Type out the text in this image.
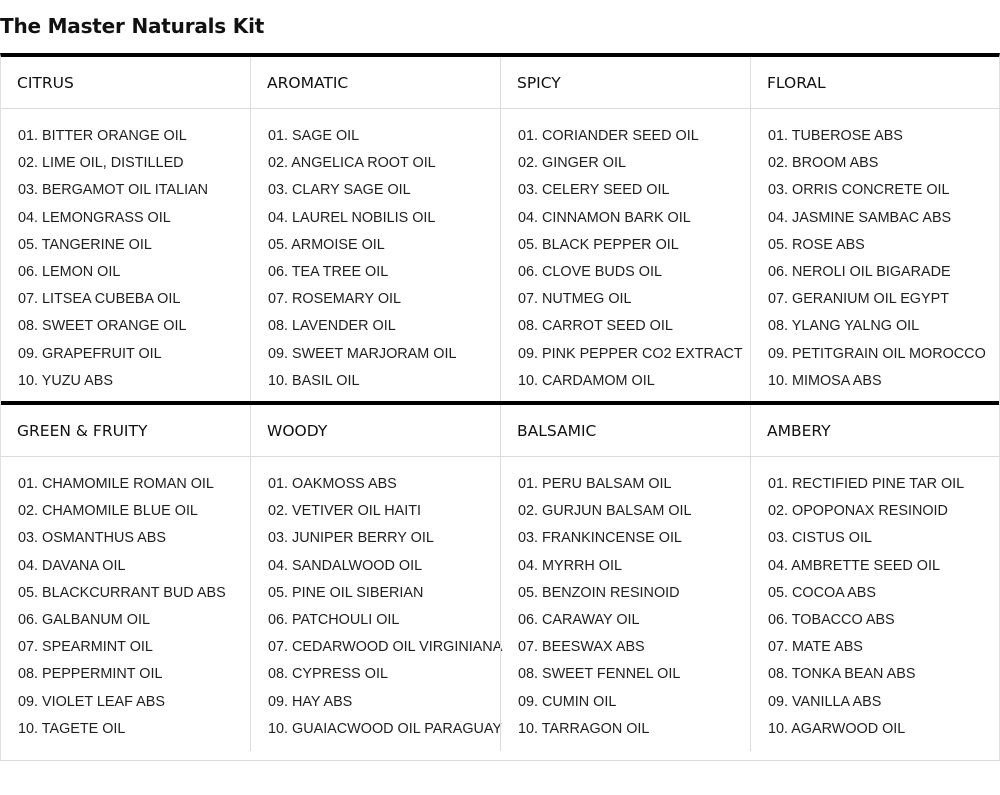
The Master Naturals Kit
CITRUS
01. BITTER ORANGE OIL
02. LIME OIL, DISTILLED
03. BERGAMOT OIL ITALIAN
04. LEMONGRASS OIL
05. TANGERINE OIL
06. LEMON OIL
07. LITSEA CUBEBA OIL
08. SWEET ORANGE OIL
09. GRAPEFRUIT OIL
10. YUZU ABS
AROMATIC
01. SAGE OIL
02. ANGELICA ROOT OIL
03. CLARY SAGE OIL
04. LAUREL NOBILIS OIL
05. ARMOISE OIL
06. TEA TREE OIL
07. ROSEMARY OIL
08. LAVENDER OIL
09. SWEET MARJORAM OIL
10. BASIL OIL
SPICY
01. CORIANDER SEED OIL
02. GINGER OIL
03. CELERY SEED OIL
04. CINNAMON BARK OIL
05. BLACK PEPPER OIL
06. CLOVE BUDS OIL
07. NUTMEG OIL
08. CARROT SEED OIL
09. PINK PEPPER CO2 EXTRACT
10. CARDAMOM OIL
FLORAL
01. TUBEROSE ABS
02. BROOM ABS
03. ORRIS CONCRETE OIL
04. JASMINE SAMBAC ABS
05. ROSE ABS
06. NEROLI OIL BIGARADE
07. GERANIUM OIL EGYPT
08. YLANG YALNG OIL
09. PETITGRAIN OIL MOROCCO
10. MIMOSA ABS
GREEN & FRUITY
01. CHAMOMILE ROMAN OIL
02. CHAMOMILE BLUE OIL
03. OSMANTHUS ABS
04. DAVANA OIL
05. BLACKCURRANT BUD ABS
06. GALBANUM OIL
07. SPEARMINT OIL
08. PEPPERMINT OIL
09. VIOLET LEAF ABS
10. TAGETE OIL
WOODY
01. OAKMOSS ABS
02. VETIVER OIL HAITI
03. JUNIPER BERRY OIL
04. SANDALWOOD OIL
05. PINE OIL SIBERIAN
06. PATCHOULI OIL
07. CEDARWOOD OIL VIRGINIANA
08. CYPRESS OIL
09. HAY ABS
10. GUAIACWOOD OIL PARAGUAY
BALSAMIC
01. PERU BALSAM OIL
02. GURJUN BALSAM OIL
03. FRANKINCENSE OIL
04. MYRRH OIL
05. BENZOIN RESINOID
06. CARAWAY OIL
07. BEESWAX ABS
08. SWEET FENNEL OIL
09. CUMIN OIL
10. TARRAGON OIL
AMBERY
01. RECTIFIED PINE TAR OIL
02. OPOPONAX RESINOID
03. CISTUS OIL
04. AMBRETTE SEED OIL
05. COCOA ABS
06. TOBACCO ABS
07. MATE ABS
08. TONKA BEAN ABS
09. VANILLA ABS
10. AGARWOOD OIL
